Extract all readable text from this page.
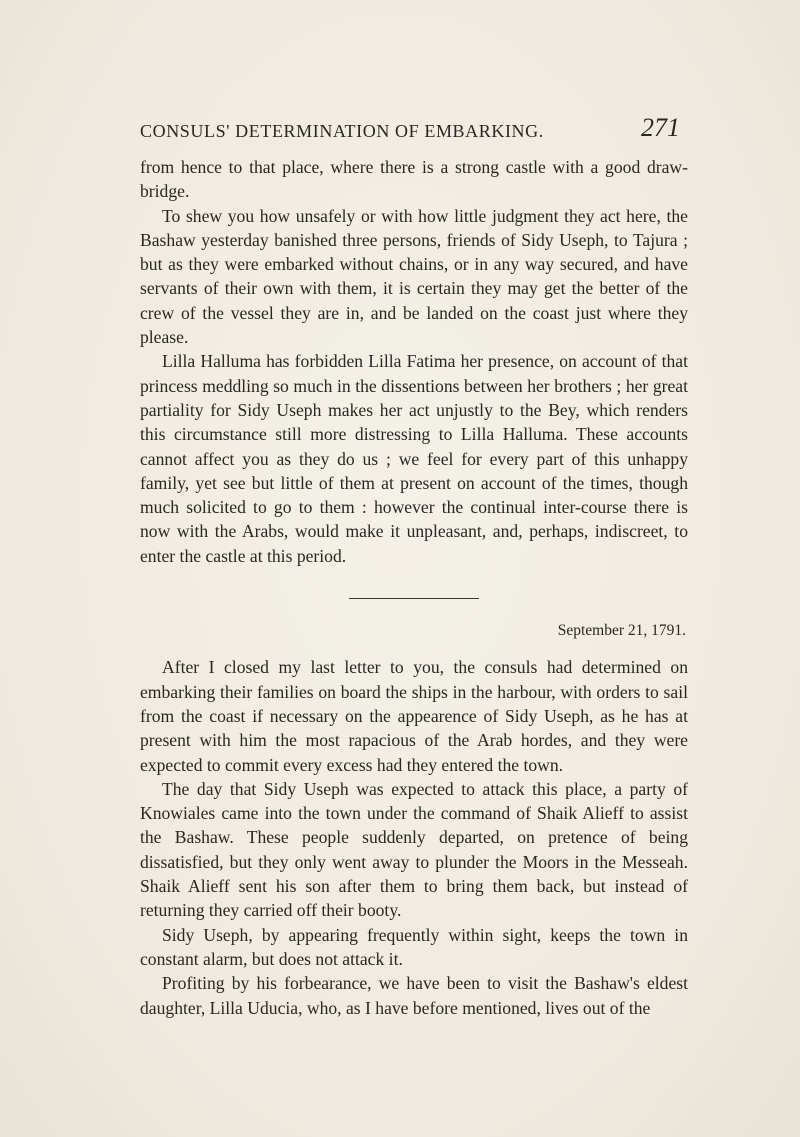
CONSULS' DETERMINATION OF EMBARKING.	271

from hence to that place, where there is a strong castle with a good draw-bridge.

To shew you how unsafely or with how little judgment they act here, the Bashaw yesterday banished three persons, friends of Sidy Useph, to Tajura ; but as they were embarked without chains, or in any way secured, and have servants of their own with them, it is certain they may get the better of the crew of the vessel they are in, and be landed on the coast just where they please.

Lilla Halluma has forbidden Lilla Fatima her presence, on account of that princess meddling so much in the dissentions between her brothers ; her great partiality for Sidy Useph makes her act unjustly to the Bey, which renders this circumstance still more distressing to Lilla Halluma. These accounts cannot affect you as they do us ; we feel for every part of this unhappy family, yet see but little of them at present on account of the times, though much solicited to go to them : however the continual inter-course there is now with the Arabs, would make it unpleasant, and, perhaps, indiscreet, to enter the castle at this period.

September 21, 1791.

After I closed my last letter to you, the consuls had determined on embarking their families on board the ships in the harbour, with orders to sail from the coast if necessary on the appearence of Sidy Useph, as he has at present with him the most rapacious of the Arab hordes, and they were expected to commit every excess had they entered the town.

The day that Sidy Useph was expected to attack this place, a party of Knowiales came into the town under the command of Shaik Alieff to assist the Bashaw. These people suddenly departed, on pretence of being dissatisfied, but they only went away to plunder the Moors in the Messeah. Shaik Alieff sent his son after them to bring them back, but instead of returning they carried off their booty.

Sidy Useph, by appearing frequently within sight, keeps the town in constant alarm, but does not attack it.

Profiting by his forbearance, we have been to visit the Bashaw's eldest daughter, Lilla Uducia, who, as I have before mentioned, lives out of the
